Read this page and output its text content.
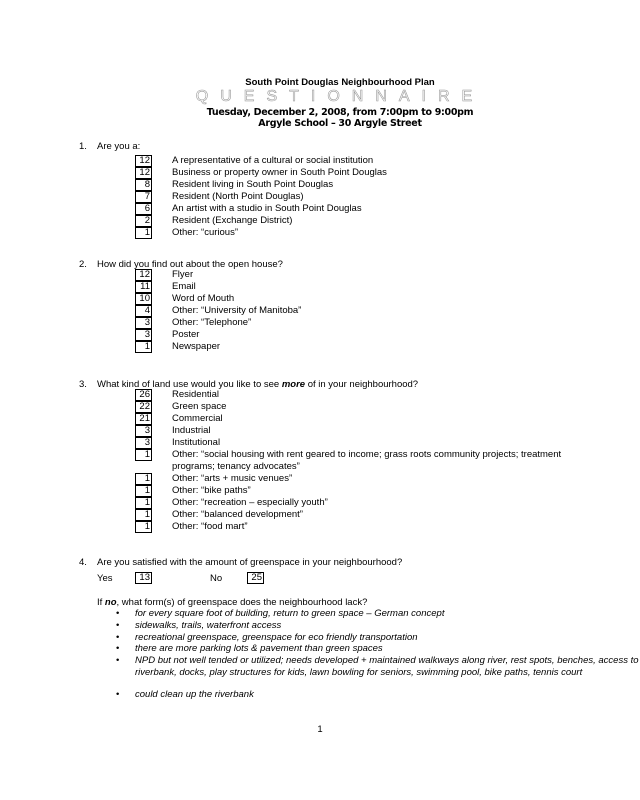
South Point Douglas Neighbourhood Plan
QUESTIONNAIRE
Tuesday, December 2, 2008, from 7:00pm to 9:00pm
Argyle School – 30 Argyle Street
1. Are you a:
12 A representative of a cultural or social institution
12 Business or property owner in South Point Douglas
8 Resident living in South Point Douglas
7 Resident (North Point Douglas)
6 An artist with a studio in South Point Douglas
2 Resident (Exchange District)
1 Other: “curious”
2. How did you find out about the open house?
12 Flyer
11 Email
10 Word of Mouth
4 Other: “University of Manitoba”
3 Other: “Telephone”
3 Poster
1 Newspaper
3. What kind of land use would you like to see more of in your neighbourhood?
26 Residential
22 Green space
21 Commercial
3 Industrial
3 Institutional
1 Other: “social housing with rent geared to income; grass roots community projects; treatment programs; tenancy advocates”
1 Other: “arts + music venues”
1 Other: “bike paths”
1 Other: “recreation – especially youth”
1 Other: “balanced development”
1 Other: “food mart”
4. Are you satisfied with the amount of greenspace in your neighbourhood?
Yes	13	No	25
If no, what form(s) of greenspace does the neighbourhood lack?
• for every square foot of building, return to green space – German concept
• sidewalks, trails, waterfront access
• recreational greenspace, greenspace for eco friendly transportation
• there are more parking lots & pavement than green spaces
• NPD but not well tended or utilized; needs developed + maintained walkways along river, rest spots, benches, access to riverbank, docks, play structures for kids, lawn bowling for seniors, swimming pool, bike paths, tennis court
• could clean up the riverbank
1
